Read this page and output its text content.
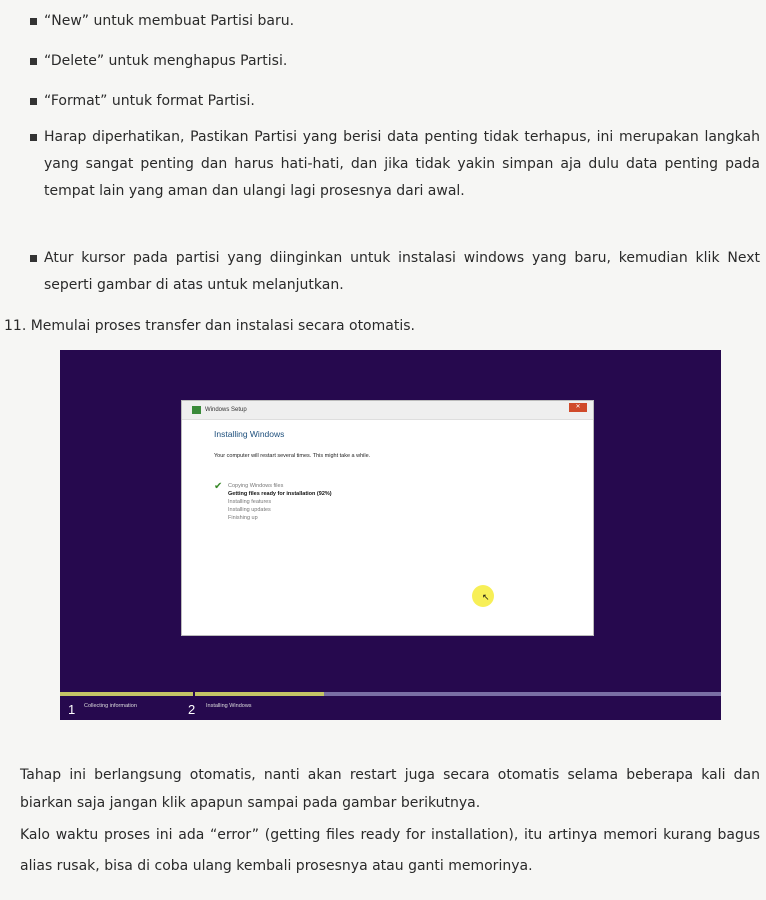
“New” untuk membuat Partisi baru.
“Delete” untuk menghapus Partisi.
“Format” untuk format Partisi.
Harap diperhatikan, Pastikan Partisi yang berisi data penting tidak terhapus, ini merupakan langkah yang sangat penting dan harus hati-hati, dan jika tidak yakin simpan aja dulu data penting pada tempat lain yang aman dan ulangi lagi prosesnya dari awal.
Atur kursor pada partisi yang diinginkan untuk instalasi windows yang baru, kemudian klik Next seperti gambar di atas untuk melanjutkan.
11. Memulai proses transfer dan instalasi secara otomatis.
Windows Setup	✕
Installing Windows
Your computer will restart several times. This might take a while.
✔ Copying Windows files
Getting files ready for installation (92%)
Installing features
Installing updates
Finishing up
↖
1 Collecting information	2 Installing Windows
Tahap ini berlangsung otomatis, nanti akan restart juga secara otomatis selama beberapa kali dan biarkan saja jangan klik apapun sampai pada gambar berikutnya.
Kalo waktu proses ini ada “error” (getting files ready for installation), itu artinya memori kurang bagus alias rusak, bisa di coba ulang kembali prosesnya atau ganti memorinya.
